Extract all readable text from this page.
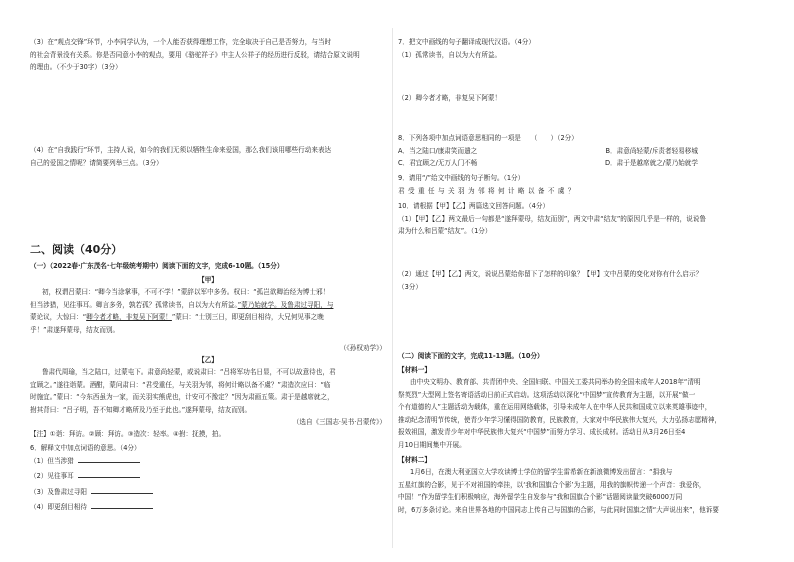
（3）在“观点交锋”环节，小李同学认为，一个人能否获得理想工作，完全取决于自己是否努力，与当时
的社会背景没有关系。你是否同意小李的观点，要用《骆驼祥子》中主人公祥子的经历进行反驳，请结合原文说明
的理由。（不少于30字）（3分）
（4）在“自我践行”环节，主持人说，如今的我们无须以牺牲生命来爱国，那么我们该用哪些行动来表达
自己的爱国之情呢？请简要列举三点。（3分）
二、阅读（40分）
（一）（2022春·广东茂名·七年级统考期中）阅读下面的文字，完成6-10题。（15分）
【甲】
初，权谓吕蒙曰：“卿今当涂掌事，不可不学！”蒙辞以军中多务。权曰：“孤岂欲卿治经为博士邪！
但当涉猎，见往事耳。卿言多务，孰若孤？孤常读书，自以为大有所益。”蒙乃始就学。及鲁肃过寻阳，与
蒙论议，大惊曰：“卿今者才略，非复吴下阿蒙！”蒙曰：“士别三日，即更刮目相待，大兄何见事之晚
乎！”肃遂拜蒙母，结友而别。
（《孙权劝学》）
【乙】
鲁肃代周瑜，当之陆口，过蒙屯下。肃意尚轻蒙，或说肃曰：“吕将军功名日显，不可以故意待也，君
宜顾之。”遂往诣蒙。酒酣，蒙问肃曰：“君受重任，与关羽为邻，将何计略以备不虞？”肃造次应曰：“临
时施宜。”蒙曰：“今东西虽为一家，而关羽实熊虎也，计安可不豫定？”因为肃画五策。肃于是越席就之，
拊其背曰：“吕子明，吾不知卿才略所及乃至于此也。”遂拜蒙母，结友而别。
（选自《三国志·吴书·吕蒙传》）
【注】①诣：拜访。②顾：拜访。③造次：轻率。④拊：抚摸，拍。
6．解释文中加点词语的意思。（4分）
（1）但当涉猎
（2）见往事耳
（3）及鲁肃过寻阳
（4）即更刮目相待
7．把文中画线的句子翻译成现代汉语。（4分）
（1）孤常读书，自以为大有所益。
（2）卿今者才略，非复吴下阿蒙！
8．下列各项中加点词语意思相同的一项是　　（　　）（2分）
A．当之陆口/康肃笑而遣之	B．肃意尚轻蒙/斥责者轻易移城
C．君宜顾之/无万人门不畅	D．肃于是越席就之/蒙乃始就学
9．请用“/”给文中画线的句子断句。（1分）
君受重任与关羽为邻将何计略以备不虞？
10．请根据【甲】【乙】两篇选文回答问题。（4分）
（1）【甲】【乙】两文最后一句都是“遂拜蒙母，结友而别”，两文中肃“结友”的原因几乎是一样的，说说鲁
肃为什么和吕蒙“结友”。（1分）
（2）通过【甲】【乙】两文，说说吕蒙给你留下了怎样的印象？【甲】文中吕蒙的变化对你有什么启示？
（3分）
（二）阅读下面的文字，完成11-13题。（10分）
【材料一】
由中央文明办、教育部、共青团中央、全国妇联、中国关工委共同举办的全国未成年人2018年“清明
祭英烈”大型网上签名寄语活动日前正式启动。这项活动以深化“中国梦”宣传教育为主题，以开展“做一
个有道德的人”主题活动为载体，重在运用网络载体，引导未成年人在中华人民共和国成立以来英雄事迹中，
推动纪念清明节传统，使青少年学习懂得国防教育，民族教育，大家对中华民族伟大复兴，大力弘扬志愿精神，
报效祖国，激发青少年对中华民族伟大复兴“中国梦”而努力学习、成长成材。活动日从3月26日至4
月10日期间集中开展。
【材料二】
1月6日，在澳大利亚国立大学攻读博士学位的留学生雷希新在新浪微博发出留言：“捐我与
五星红旗的合影，见于不对祖国的牵挂，以‘我和国旗合个影’为主题，用我的旗帜传递一个声音：我爱你，
中国！”作为留学生们积极响应，海外留学生自发参与“我和国旗合个影”话题阅读量突破6000万同
时，6万多条讨论。来自世界各地的中国同志上传自己与国旗的合影，与此同时国旗之情“大声说出来”，他诉要
